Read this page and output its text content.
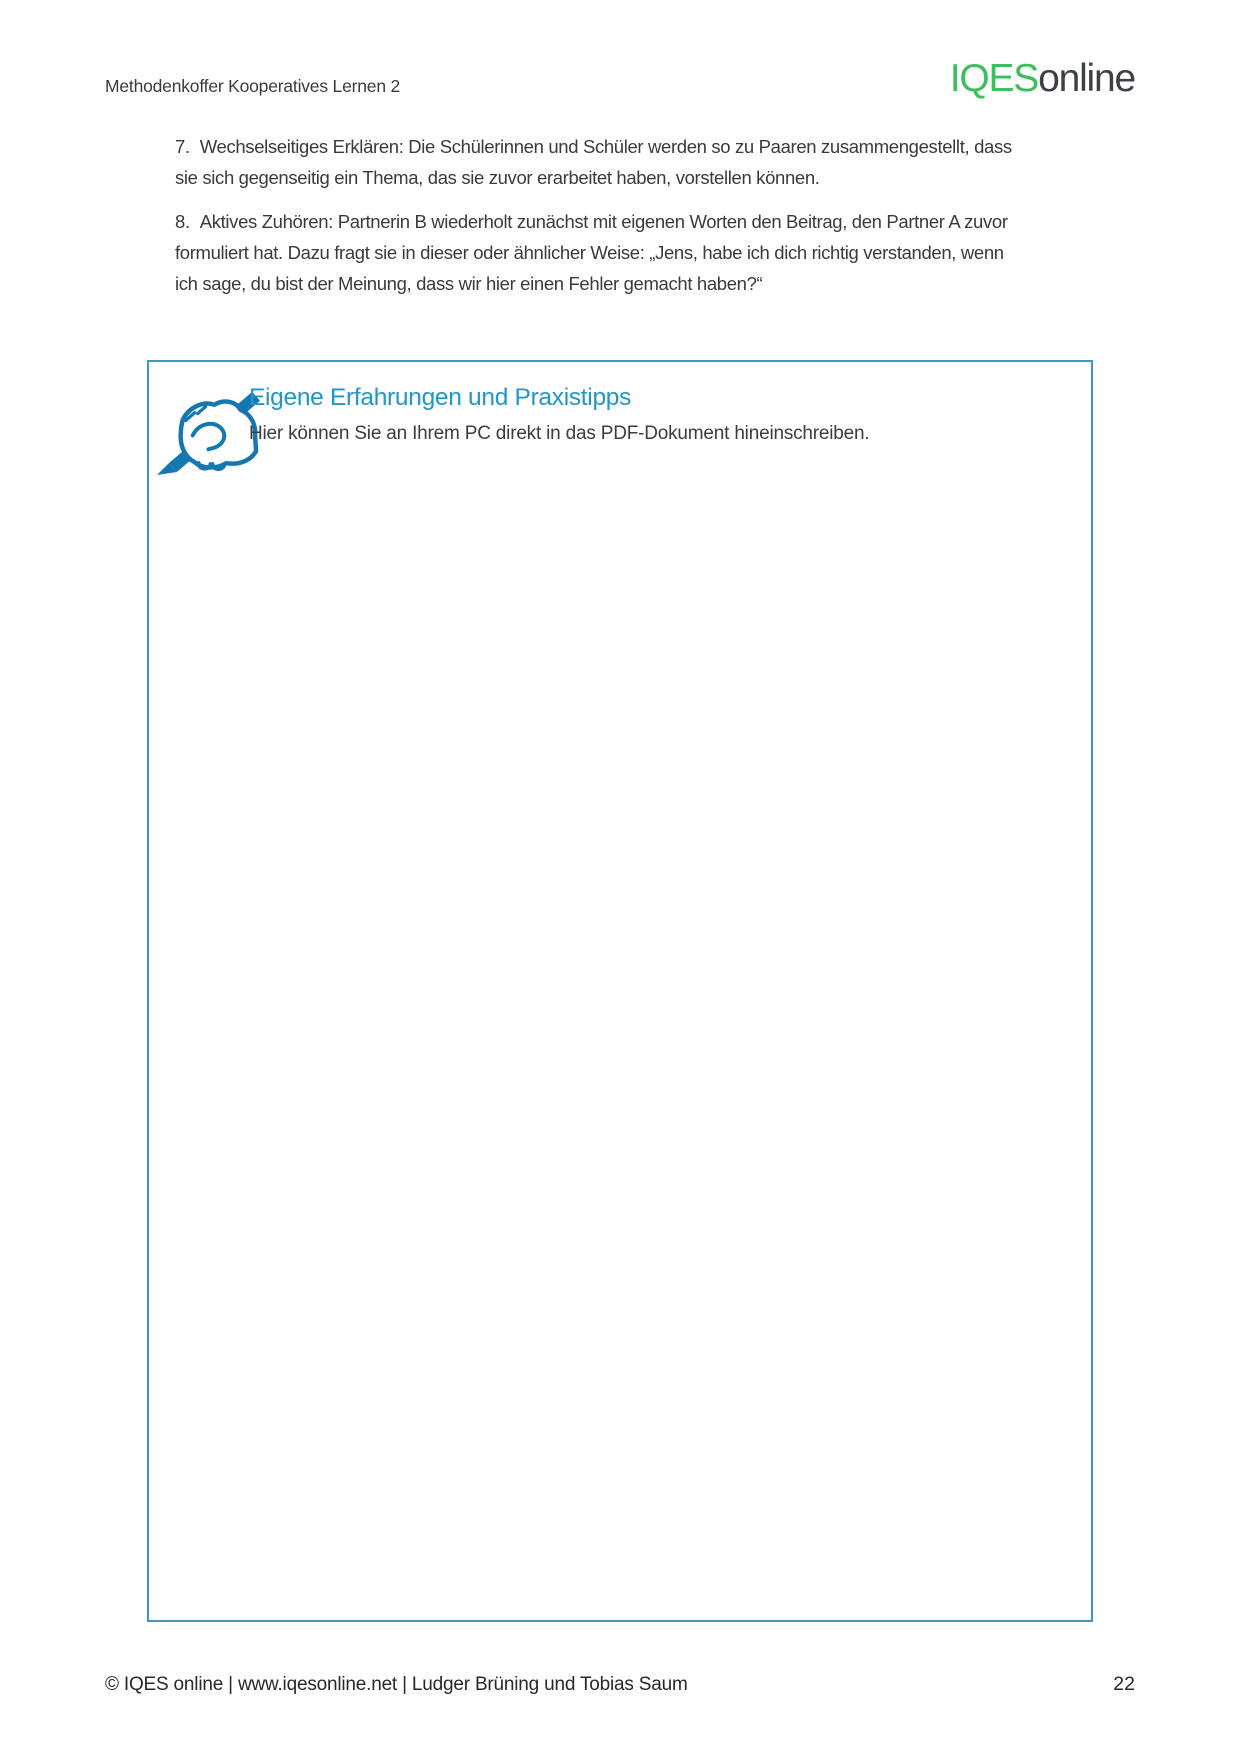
Methodenkoffer Kooperatives Lernen 2	IQESonline

7. Wechselseitiges Erklären: Die Schülerinnen und Schüler werden so zu Paaren zusammengestellt, dass sie sich gegenseitig ein Thema, das sie zuvor erarbeitet haben, vorstellen können.

8. Aktives Zuhören: Partnerin B wiederholt zunächst mit eigenen Worten den Beitrag, den Partner A zuvor formuliert hat. Dazu fragt sie in dieser oder ähnlicher Weise: „Jens, habe ich dich richtig verstanden, wenn ich sage, du bist der Meinung, dass wir hier einen Fehler gemacht haben?“

Eigene Erfahrungen und Praxistipps
Hier können Sie an Ihrem PC direkt in das PDF-Dokument hineinschreiben.
© IQES online | www.iqesonline.net | Ludger Brüning und Tobias Saum	22
